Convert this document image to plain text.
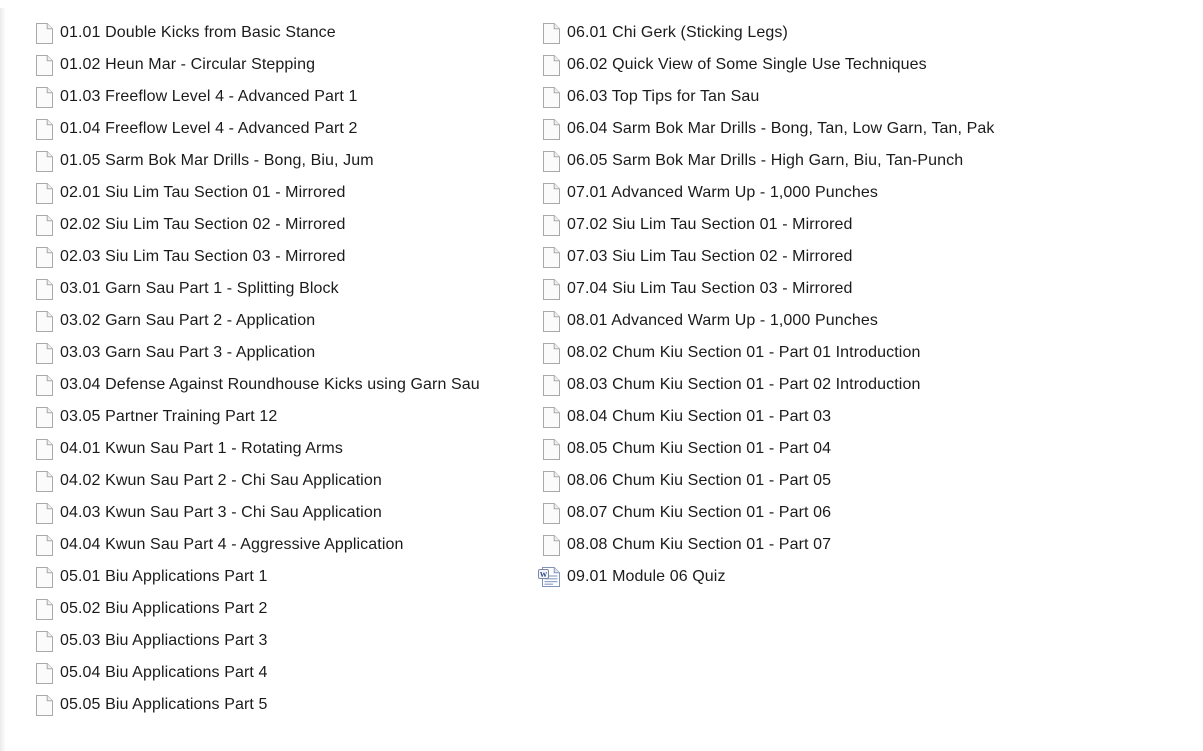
01.01 Double Kicks from Basic Stance
01.02 Heun Mar - Circular Stepping
01.03 Freeflow Level 4 - Advanced Part 1
01.04 Freeflow Level 4 - Advanced Part 2
01.05 Sarm Bok Mar Drills - Bong, Biu, Jum
02.01 Siu Lim Tau Section 01 - Mirrored
02.02 Siu Lim Tau Section 02 - Mirrored
02.03 Siu Lim Tau Section 03 - Mirrored
03.01 Garn Sau Part 1 - Splitting Block
03.02 Garn Sau Part 2 - Application
03.03 Garn Sau Part 3 - Application
03.04 Defense Against Roundhouse Kicks using Garn Sau
03.05 Partner Training Part 12
04.01 Kwun Sau Part 1 - Rotating Arms
04.02 Kwun Sau Part 2 - Chi Sau Application
04.03 Kwun Sau Part 3 - Chi Sau Application
04.04 Kwun Sau Part 4 - Aggressive Application
05.01 Biu Applications Part 1
05.02 Biu Applications Part 2
05.03 Biu Appliactions Part 3
05.04 Biu Applications Part 4
05.05 Biu Applications Part 5
06.01 Chi Gerk (Sticking Legs)
06.02 Quick View of Some Single Use Techniques
06.03 Top Tips for Tan Sau
06.04 Sarm Bok Mar Drills - Bong, Tan, Low Garn, Tan, Pak
06.05 Sarm Bok Mar Drills - High Garn, Biu, Tan-Punch
07.01 Advanced Warm Up - 1,000 Punches
07.02 Siu Lim Tau Section 01 - Mirrored
07.03 Siu Lim Tau Section 02 - Mirrored
07.04 Siu Lim Tau Section 03 - Mirrored
08.01 Advanced Warm Up - 1,000 Punches
08.02 Chum Kiu Section 01 - Part 01 Introduction
08.03 Chum Kiu Section 01 - Part 02 Introduction
08.04 Chum Kiu Section 01 - Part 03
08.05 Chum Kiu Section 01 - Part 04
08.06 Chum Kiu Section 01 - Part 05
08.07 Chum Kiu Section 01 - Part 06
08.08 Chum Kiu Section 01 - Part 07
W 09.01 Module 06 Quiz
